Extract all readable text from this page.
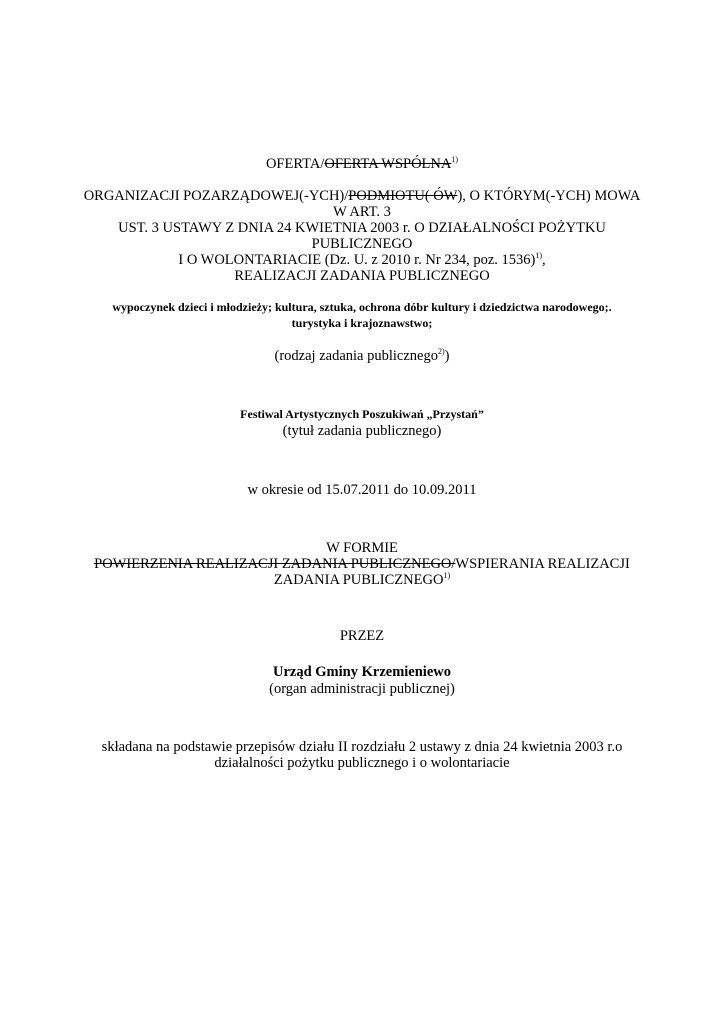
OFERTA/OFERTA WSPÓLNA$^{1)}$
ORGANIZACJI POZARZĄDOWEJ(-YCH)/PODMIOTU( ÓW), O KTÓRYM(-YCH) MOWA
W ART. 3
UST. 3 USTAWY Z DNIA 24 KWIETNIA 2003 r. O DZIAŁALNOŚCI POŻYTKU
PUBLICZNEGO
I O WOLONTARIACIE (Dz. U. z 2010 r. Nr 234, poz. 1536)$^{1)}$,
REALIZACJI ZADANIA PUBLICZNEGO
wypoczynek dzieci i młodzieży; kultura, sztuka, ochrona dóbr kultury i dziedzictwa narodowego;.
turystyka i krajoznawstwo;
(rodzaj zadania publicznego$^{2)}$)
Festiwal Artystycznych Poszukiwań „Przystań”
(tytuł zadania publicznego)
w okresie od 15.07.2011 do 10.09.2011
W FORMIE
POWIERZENIA REALIZACJI ZADANIA PUBLICZNEGO/WSPIERANIA REALIZACJI
ZADANIA PUBLICZNEGO$^{1)}$
PRZEZ
Urząd Gminy Krzemieniewo
(organ administracji publicznej)
składana na podstawie przepisów działu II rozdziału 2 ustawy z dnia 24 kwietnia 2003 r.o
działalności pożytku publicznego i o wolontariacie
